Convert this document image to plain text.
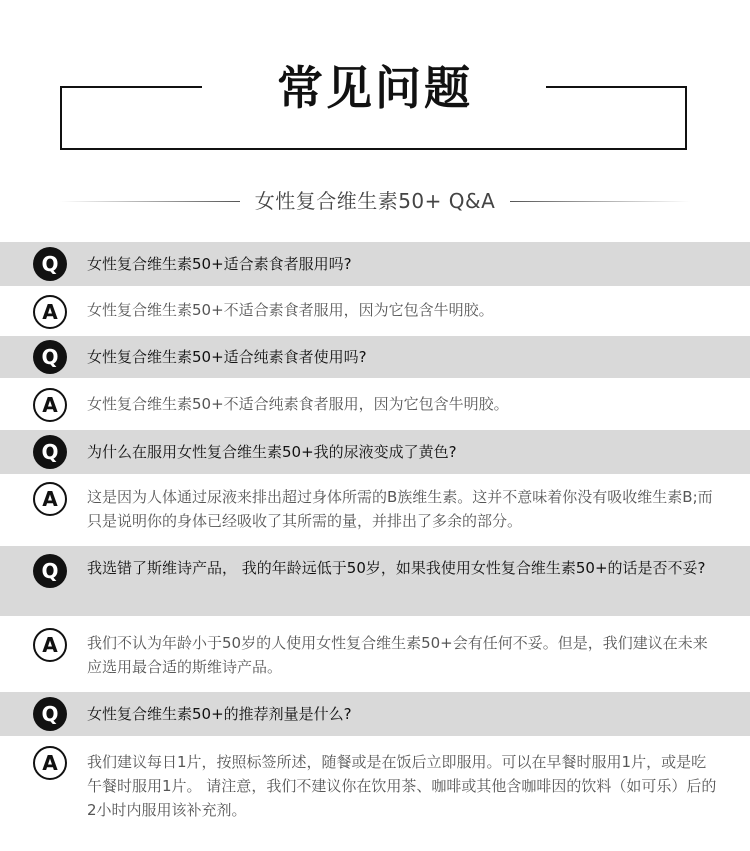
常见问题
女性复合维生素50+ Q&A
Q	女性复合维生素50+适合素食者服用吗?
A	女性复合维生素50+不适合素食者服用，因为它包含牛明胶。
Q	女性复合维生素50+适合纯素食者使用吗?
A	女性复合维生素50+不适合纯素食者服用，因为它包含牛明胶。
Q	为什么在服用女性复合维生素50+我的尿液变成了黄色?
A	这是因为人体通过尿液来排出超过身体所需的B族维生素。这并不意味着你没有吸收维生素B;而只是说明你的身体已经吸收了其所需的量，并排出了多余的部分。
Q	我选错了斯维诗产品， 我的年龄远低于50岁，如果我使用女性复合维生素50+的话是否不妥?
A	我们不认为年龄小于50岁的人使用女性复合维生素50+会有任何不妥。但是，我们建议在未来应选用最合适的斯维诗产品。
Q	女性复合维生素50+的推荐剂量是什么?
A	我们建议每日1片，按照标签所述，随餐或是在饭后立即服用。可以在早餐时服用1片，或是吃午餐时服用1片。 请注意，我们不建议你在饮用茶、咖啡或其他含咖啡因的饮料（如可乐）后的2小时内服用该补充剂。
